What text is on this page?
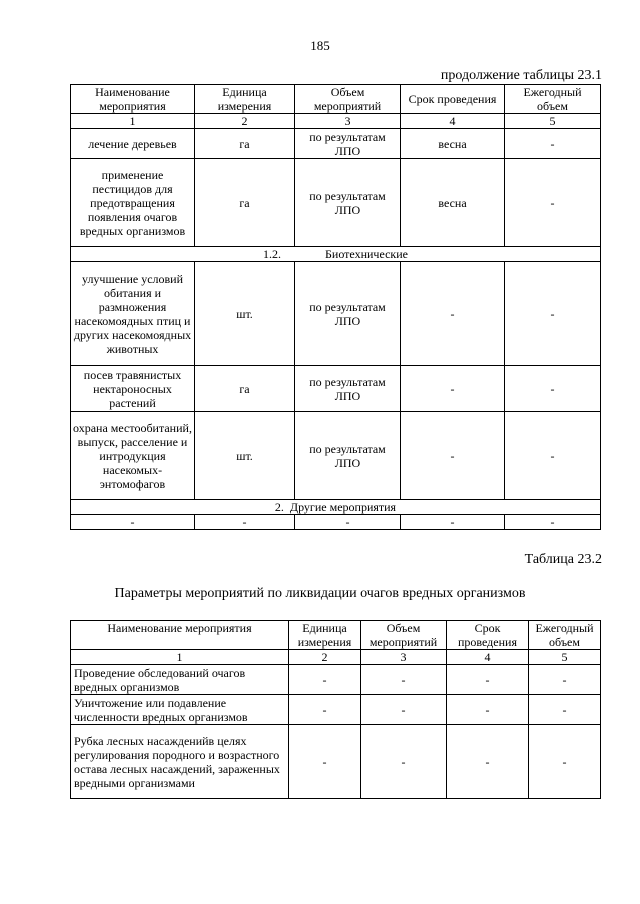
185
продолжение таблицы 23.1
Наименование мероприятия	Единица измерения	Объем мероприятий	Срок проведения	Ежегодный объем
1	2	3	4	5
лечение деревьев	га	по результатам ЛПО	весна	-
применение пестицидов для предотвращения появления очагов вредных организмов	га	по результатам ЛПО	весна	-
1.2. Биотехнические				
улучшение условий обитания и размножения насекомоядных птиц и других насекомоядных животных	шт.	по результатам ЛПО	-	-
посев травянистых нектароносных растений	га	по результатам ЛПО	-	-
охрана местообитаний, выпуск, расселение и интродукция насекомых-энтомофагов	шт.	по результатам ЛПО	-	-
2. Другие мероприятия				
-	-	-	-	-
Таблица 23.2
Параметры мероприятий по ликвидации очагов вредных организмов
Наименование мероприятия	Единица измерения	Объем мероприятий	Срок проведения	Ежегодный объем
1	2	3	4	5
Проведение обследований очагов вредных организмов	-	-	-	-
Уничтожение или подавление численности вредных организмов	-	-	-	-
Рубка лесных насажденийв целях регулирования породного и возрастного остава лесных насаждений, зараженных вредными организмами	-	-	-	-
